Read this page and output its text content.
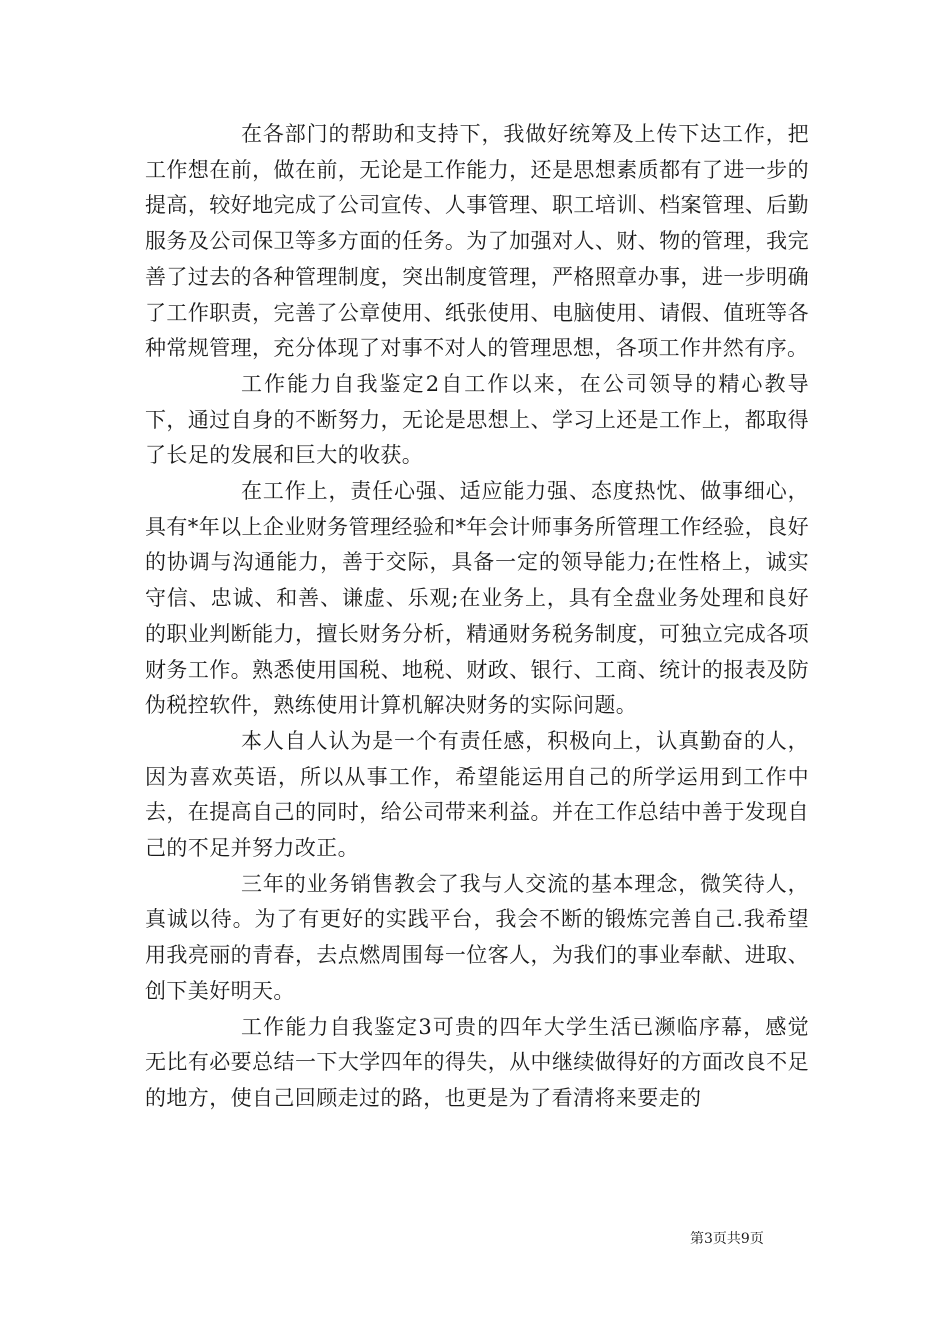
在各部门的帮助和支持下，我做好统筹及上传下达工作，把工作想在前，做在前，无论是工作能力，还是思想素质都有了进一步的提高，较好地完成了公司宣传、人事管理、职工培训、档案管理、后勤服务及公司保卫等多方面的任务。为了加强对人、财、物的管理，我完善了过去的各种管理制度，突出制度管理，严格照章办事，进一步明确了工作职责，完善了公章使用、纸张使用、电脑使用、请假、值班等各种常规管理，充分体现了对事不对人的管理思想，各项工作井然有序。

工作能力自我鉴定2自工作以来，在公司领导的精心教导下，通过自身的不断努力，无论是思想上、学习上还是工作上，都取得了长足的发展和巨大的收获。

在工作上，责任心强、适应能力强、态度热忱、做事细心，具有*年以上企业财务管理经验和*年会计师事务所管理工作经验，良好的协调与沟通能力，善于交际，具备一定的领导能力;在性格上，诚实守信、忠诚、和善、谦虚、乐观;在业务上，具有全盘业务处理和良好的职业判断能力，擅长财务分析，精通财务税务制度，可独立完成各项财务工作。熟悉使用国税、地税、财政、银行、工商、统计的报表及防伪税控软件，熟练使用计算机解决财务的实际问题。

本人自人认为是一个有责任感，积极向上，认真勤奋的人，因为喜欢英语，所以从事工作，希望能运用自己的所学运用到工作中去，在提高自己的同时，给公司带来利益。并在工作总结中善于发现自己的不足并努力改正。

三年的业务销售教会了我与人交流的基本理念，微笑待人，真诚以待。为了有更好的实践平台，我会不断的锻炼完善自己.我希望用我亮丽的青春，去点燃周围每一位客人，为我们的事业奉献、进取、创下美好明天。

工作能力自我鉴定3可贵的四年大学生活已濒临序幕，感觉无比有必要总结一下大学四年的得失，从中继续做得好的方面改良不足的地方，使自己回顾走过的路，也更是为了看清将来要走的

第3页共9页
